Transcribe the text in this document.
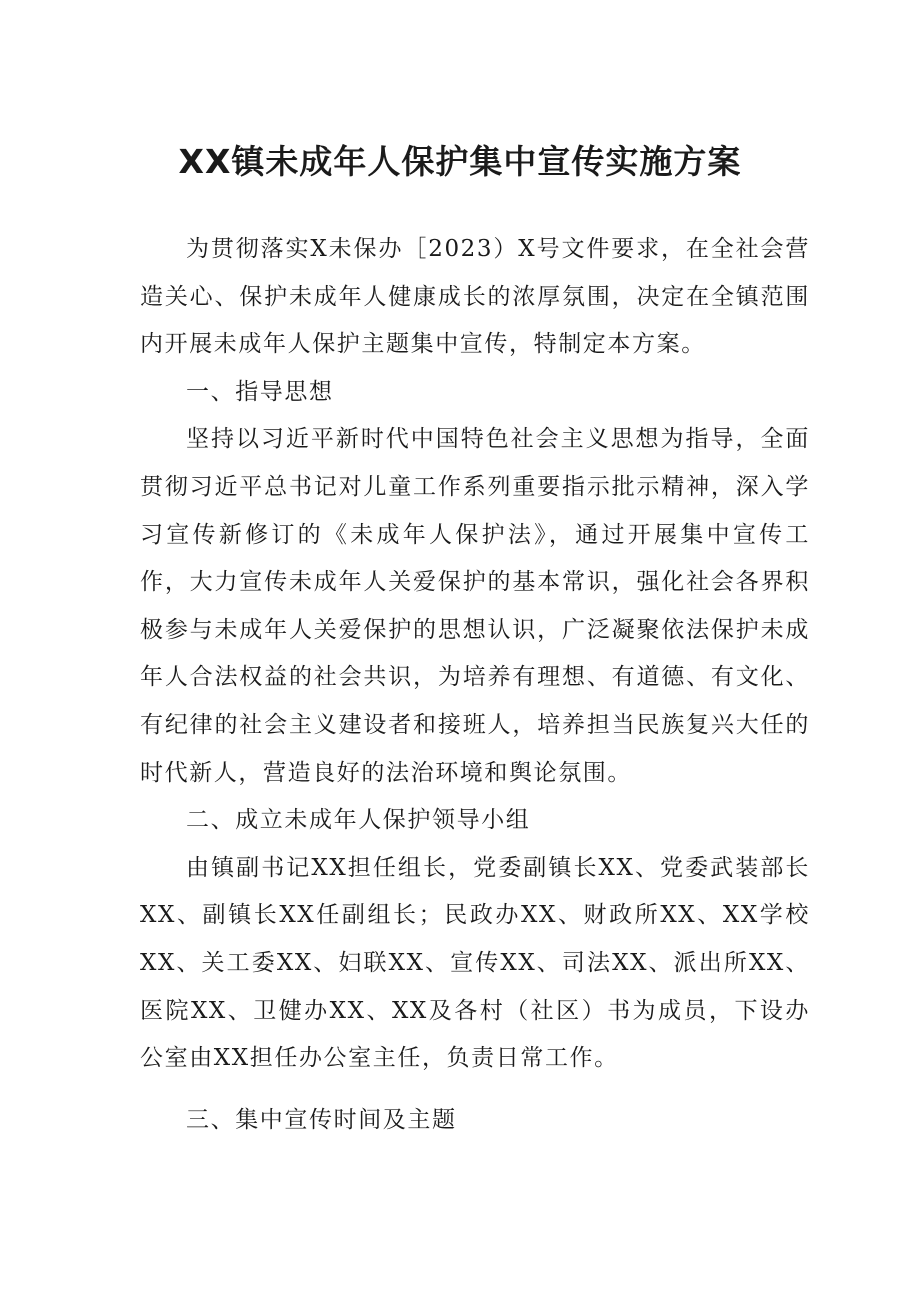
XX镇未成年人保护集中宣传实施方案

为贯彻落实X未保办［2023）X号文件要求，在全社会营造关心、保护未成年人健康成长的浓厚氛围，决定在全镇范围内开展未成年人保护主题集中宣传，特制定本方案。

一、指导思想

坚持以习近平新时代中国特色社会主义思想为指导，全面贯彻习近平总书记对儿童工作系列重要指示批示精神，深入学习宣传新修订的《未成年人保护法》，通过开展集中宣传工作，大力宣传未成年人关爱保护的基本常识，强化社会各界积极参与未成年人关爱保护的思想认识，广泛凝聚依法保护未成年人合法权益的社会共识，为培养有理想、有道德、有文化、有纪律的社会主义建设者和接班人，培养担当民族复兴大任的时代新人，营造良好的法治环境和舆论氛围。

二、成立未成年人保护领导小组

由镇副书记XX担任组长，党委副镇长XX、党委武装部长XX、副镇长XX任副组长；民政办XX、财政所XX、XX学校XX、关工委XX、妇联XX、宣传XX、司法XX、派出所XX、医院XX、卫健办XX、XX及各村（社区）书为成员，下设办公室由XX担任办公室主任，负责日常工作。

三、集中宣传时间及主题
